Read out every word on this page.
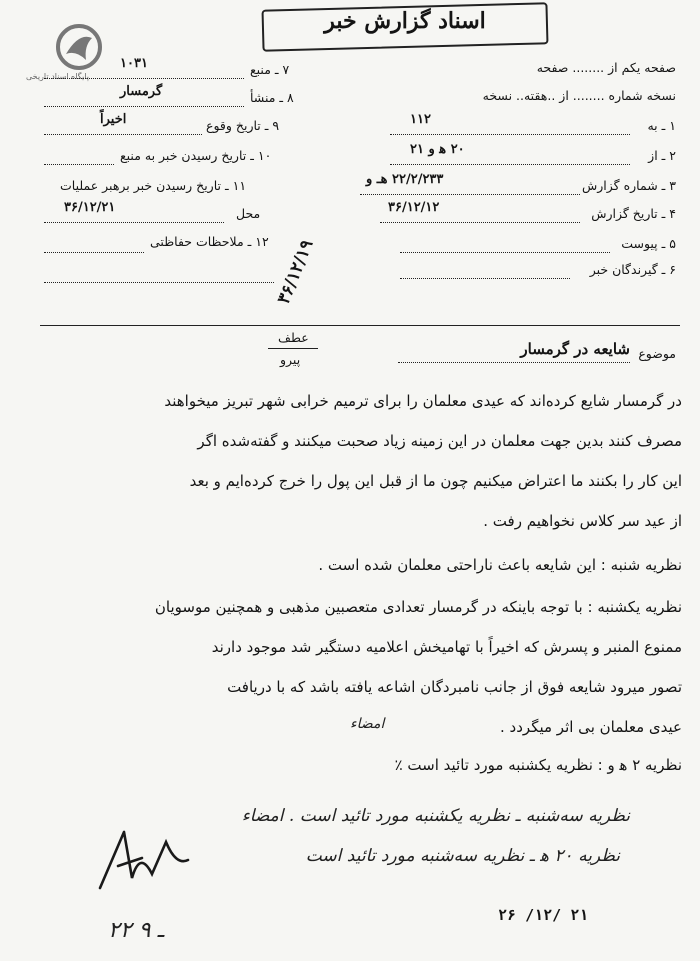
پایگاه اسناد تاریخی
اسناد گزارش خبر
صفحه یکم از ........ صفحه
نسخه شماره ........ از ..ه‍ق‍ت‍ه.. نسخه
۱ ـ به
۱۱۲
۲ ـ از
۲۰ ه‍ و ۲۱
۳ ـ شماره گزارش
۲۲/۲/۲۳۳ هـ و
۴ ـ تاریخ گزارش
۳۶/۱۲/۱۲
۵ ـ پیوست
۶ ـ گیرندگان خبر
۷ ـ منبع
۱۰۳۱
۸ ـ منشأ
گرمسار
۹ ـ تاریخ وقوع
اخیراً
۱۰ ـ تاریخ رسیدن خبر به منبع
۱۱ ـ تاریخ رسیدن خبر برهبر عملیات
محل
۳۶/۱۲/۲۱
۱۲ ـ ملاحظات حفاظتی ۳۶/۱۲/۱۹
عطف
پیرو	موضوع
شایعه در گرمسار
در گرمسار شایع کرده‌اند که عیدی معلمان را برای ترمیم خرابی شهر تبریز میخواهند
مصرف کنند بدین جهت معلمان در این زمینه زیاد صحبت میکنند و گفته‌شده اگر
این کار را بکنند ما اعتراض میکنیم چون ما از قبل این پول را خرج کرده‌ایم و بعد
از عید سر کلاس نخواهیم رفت .
نظریه شنبه : این شایعه باعث ناراحتی معلمان شده است .
نظریه یکشنبه : با توجه باینکه در گرمسار تعدادی متعصبین مذهبی و همچنین موسویان
ممنوع المنبر و پسرش که اخیراً با تهامیخش اعلامیه دستگیر شد موجود دارند
تصور میرود شایعه فوق از جانب نامبردگان اشاعه یافته باشد که با دریافت
عیدی معلمان بی اثر میگردد .
امضاء
نظریه ۲ ه‍ و : نظریه یکشنبه مورد تائید است ٪
نظریه سه‌شنبه ـ نظریه یکشنبه مورد تائید است . امضاء
نظریه ۲۰ ه‍ ـ نظریه سه‌شنبه مورد تائید است
۲۲ ـ ۹
۲۶ /۱۲/ ۲۱
